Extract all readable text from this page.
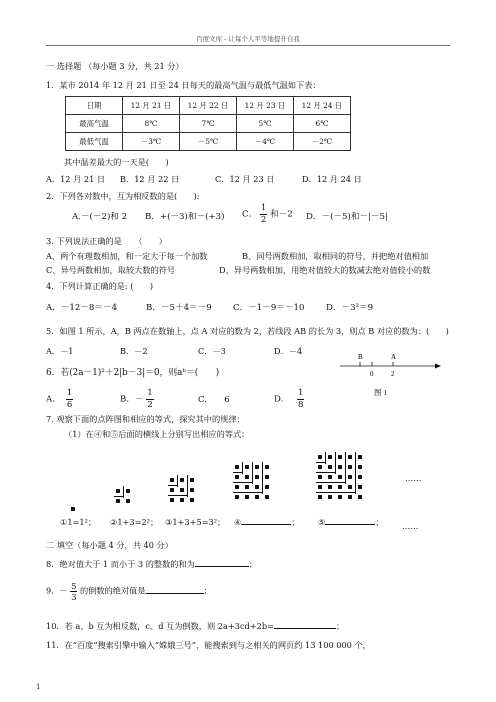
百度文库 - 让每个人平等地提升自我
一 选择题 （每小题 3 分，共 21 分）
1．某市 2014 年 12 月 21 日至 24 日每天的最高气温与最低气温如下表：
日期	12 月 21 日	12 月 22 日	12 月 23 日	12 月 24 日
最高气温	8℃	7℃	5℃	6℃
最低气温	－3℃	－5℃	－4℃	－2℃
其中温差最大的一天是(　　)
A．12 月 21 日 B．12 月 22 日	C．12 月 23 日	D．12 月 24 日
2．下列各对数中，互为相反数的是(　　):
A.－(－2)和 2 B．+(－3)和－(+3) C． $\frac{1}{2}$ 和－2 D．－(－5)和－|－5|
3. 下列说法正确的是　　（　　）
A、两个有理数相加，和一定大于每一个加数	B、同号两数相加，取相同的符号，并把绝对值相加
C、异号两数相加，取较大数的符号	D、异号两数相加，用绝对值较大的数减去绝对值较小的数
4．下列计算正确的是: (　　)
A．－12－8＝－4	B．－5＋4＝－9 C．－1－9＝－10	D．－3²＝9
5．如图 1 所示，A，B 两点在数轴上，点 A 对应的数为 2，若线段 AB 的长为 3，则点 B 对应的数为：(　　)
A．－1	B．－2	C．－3	D．－4
B	A
0	2
图 1
6．若(2a－1)²＋2|b－3|＝0，则aᵇ＝(　　)
A. $\frac{1}{6}$	B．－ $\frac{1}{2}$	C.　　6	D. $\frac{1}{8}$
7. 观察下面的点阵图和相应的等式，探究其中的规律：
（1）在④和⑤后面的横线上分别写出相应的等式：
……
①1=1²； ②1+3=2²； ③1+3+5=3²； ④	； ⑤	； ……
二 填空（每小题 4 分，共 40 分）
8．绝对值大于 1 而小于 3 的整数的和为	；
9．－ $\frac{5}{3}$ 的倒数的绝对值是	；
10．若 a、b 互为相反数，c、d 互为倒数，则 2a+3cd+2b=	；
11．在“百度”搜索引擎中输入“嫦娥三号”，能搜索到与之相关的网页约 13 100 000 个，
1
